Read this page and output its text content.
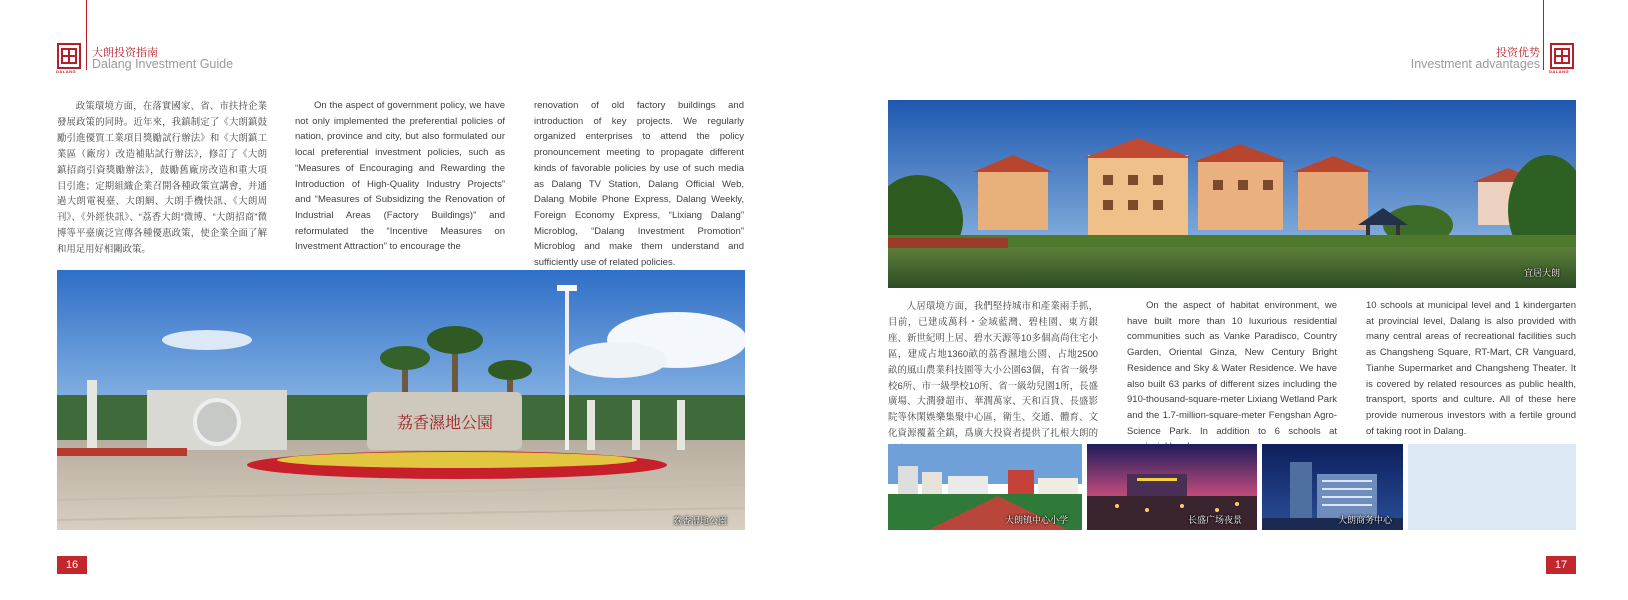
DALANG
大朗投资指南
Dalang Investment Guide
DALANG
投资优势
Investment advantages
政策環境方面，在落實國家、省、市扶持企業發展政策的同時。近年來，我鎮制定了《大朗鎮鼓勵引進優質工業項目獎勵試行辦法》和《大朗鎮工業區（廠房）改造補貼試行辦法》，修訂了《大朗鎮招商引資獎勵辦法》，鼓勵舊廠房改造和重大項目引進；定期組織企業召開各種政策宣講會，并通過大朗電視臺、大朗網、大朗手機快訊、《大朗周刊》、《外經快訊》、“荔香大朗”微博、“大朗招商”微博等平臺廣泛宣傳各種優惠政策，使企業全面了解和用足用好相關政策。
On the aspect of government policy, we have not only implemented the preferential policies of nation, province and city, but also formulated our local preferential investment policies, such as “Measures of Encouraging and Rewarding the Introduction of High-Quality Industry Projects” and “Measures of Subsidizing the Renovation of Industrial Areas (Factory Buildings)” and reformulated the “Incentive Measures on Investment Attraction” to encourage the
renovation of old factory buildings and introduction of key projects. We regularly organized enterprises to attend the policy pronouncement meeting to propagate different kinds of favorable policies by use of such media as Dalang TV Station, Dalang Official Web, Dalang Mobile Phone Express, Dalang Weekly, Foreign Economy Express, “Lixiang Dalang” Microblog, “Dalang Investment Promotion” Microblog and make them understand and sufficiently use of related policies.
荔香濕地公園
荔香湿地公園
16
宜居大朗
人居環境方面，我們堅持城市和產業兩手抓，目前，已建成萬科・金域藍灣、碧桂園、東方銀座、新世紀明上居、碧水天源等10多個高尚住宅小區，建成占地1360畝的荔香濕地公園、占地2500畝的風山農業科技園等大小公園63個，有省一級學校6所、市一級學校10所、省一級幼兒園1所，長盛廣場、大潤發超市、華潤萬家、天和百貨、長盛影院等休閑娛樂集聚中心區，衛生、交通、體育、文化資源覆蓋全鎮，爲廣大投資者提供了扎根大朗的
On the aspect of habitat environment, we have built more than 10 luxurious residential communities such as Vanke Paradisco, Country Garden, Oriental Ginza, New Century Bright Residence and Sky & Water Residence. We have also built 63 parks of different sizes including the 910-thousand-square-meter Lixiang Wetland Park and the 1.7-million-square-meter Fengshan Agro-Science Park. In addition to 6 schools at
10 schools at municipal level and 1 kindergarten at provincial level, Dalang is also provided with many central areas of recreational facilities such as Changsheng Square, RT-Mart, CR Vanguard, Tianhe Supermarket and Changsheng Theater. It is covered by related resources as public health, transport, sports and culture. All of these here provide numerous investors with a fertile ground of taking root in Dalang.
大朗镇中心小学	长盛广场夜景	大朗商务中心
17
